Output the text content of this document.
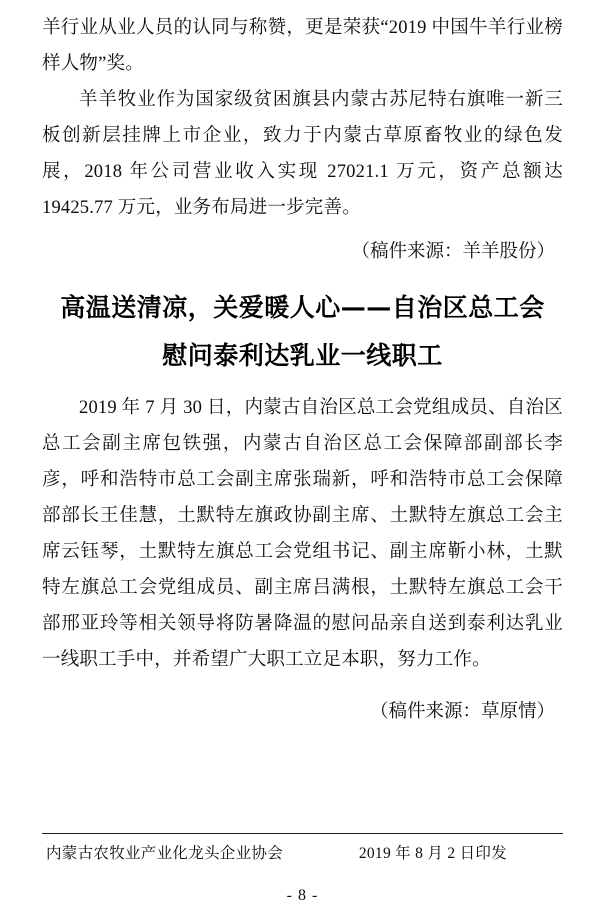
羊行业从业人员的认同与称赞，更是荣获“2019 中国牛羊行业榜样人物”奖。

羊羊牧业作为国家级贫困旗县内蒙古苏尼特右旗唯一新三板创新层挂牌上市企业，致力于内蒙古草原畜牧业的绿色发展，2018 年公司营业收入实现 27021.1 万元，资产总额达 19425.77 万元，业务布局进一步完善。

（稿件来源：羊羊股份）

高温送清凉，关爱暖人心——自治区总工会
慰问泰利达乳业一线职工

2019 年 7 月 30 日，内蒙古自治区总工会党组成员、自治区总工会副主席包铁强，内蒙古自治区总工会保障部副部长李彦，呼和浩特市总工会副主席张瑞新，呼和浩特市总工会保障部部长王佳慧，土默特左旗政协副主席、土默特左旗总工会主席云钰琴，土默特左旗总工会党组书记、副主席靳小林，土默特左旗总工会党组成员、副主席吕满根，土默特左旗总工会干部邢亚玲等相关领导将防暑降温的慰问品亲自送到泰利达乳业一线职工手中，并希望广大职工立足本职，努力工作。

（稿件来源：草原情）

内蒙古农牧业产业化龙头企业协会	2019 年 8 月 2 日印发
- 8 -
